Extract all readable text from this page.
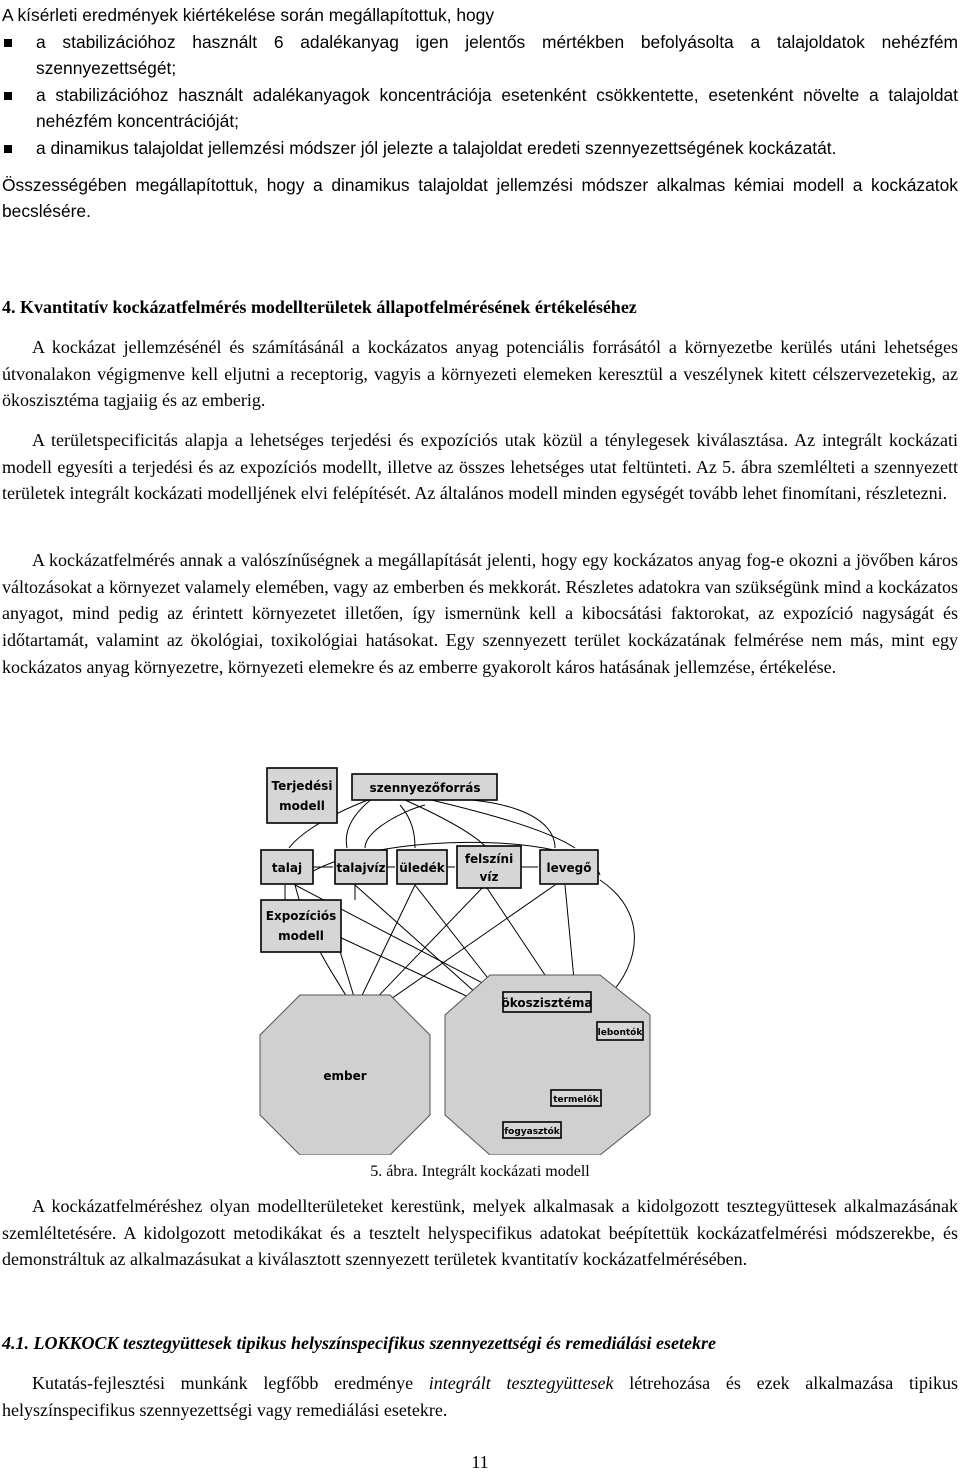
A kísérleti eredmények kiértékelése során megállapítottuk, hogy
a stabilizációhoz használt 6 adalékanyag igen jelentős mértékben befolyásolta a talajoldatok nehézfém szennyezettségét;
a stabilizációhoz használt adalékanyagok koncentrációja esetenként csökkentette, esetenként növelte a talajoldat nehézfém koncentrációját;
a dinamikus talajoldat jellemzési módszer jól jelezte a talajoldat eredeti szennyezettségének kockázatát.
Összességében megállapítottuk, hogy a dinamikus talajoldat jellemzési módszer alkalmas kémiai modell a kockázatok becslésére.
4. Kvantitatív kockázatfelmérés modellterületek állapotfelmérésének értékeléséhez

A kockázat jellemzésénél és számításánál a kockázatos anyag potenciális forrásától a környezetbe kerülés utáni lehetséges útvonalakon végigmenve kell eljutni a receptorig, vagyis a környezeti elemeken keresztül a veszélynek kitett célszervezetekig, az ökoszisztéma tagjaiig és az emberig.

A területspecificitás alapja a lehetséges terjedési és expozíciós utak közül a ténylegesek kiválasztása. Az integrált kockázati modell egyesíti a terjedési és az expozíciós modellt, illetve az összes lehetséges utat feltünteti. Az 5. ábra szemlélteti a szennyezett területek integrált kockázati modelljének elvi felépítését. Az általános modell minden egységét tovább lehet finomítani, részletezni.

A kockázatfelmérés annak a valószínűségnek a megállapítását jelenti, hogy egy kockázatos anyag fog-e okozni a jövőben káros változásokat a környezet valamely elemében, vagy az emberben és mekkorát. Részletes adatokra van szükségünk mind a kockázatos anyagot, mind pedig az érintett környezetet illetően, így ismernünk kell a kibocsátási faktorokat, az expozíció nagyságát és időtartamát, valamint az ökológiai, toxikológiai hatásokat. Egy szennyezett terület kockázatának felmérése nem más, mint egy kockázatos anyag környezetre, környezeti elemekre és az emberre gyakorolt káros hatásának jellemzése, értékelése.

Terjedési
modell
szennyezőforrás
talaj	talajvíz üledék
felszíni
víz
levegő
Expozíciós
modell
ember
ökoszisztéma
lebontók
termelők
fogyasztók
5. ábra. Integrált kockázati modell

A kockázatfelméréshez olyan modellterületeket kerestünk, melyek alkalmasak a kidolgozott tesztegyüttesek alkalmazásának szemléltetésére. A kidolgozott metodikákat és a tesztelt helyspecifikus adatokat beépítettük kockázatfelmérési módszerekbe, és demonstráltuk az alkalmazásukat a kiválasztott szennyezett területek kvantitatív kockázatfelmérésében.

4.1. LOKKOCK tesztegyüttesek tipikus helyszínspecifikus szennyezettségi és remediálási esetekre

Kutatás-fejlesztési munkánk legfőbb eredménye integrált tesztegyüttesek létrehozása és ezek alkalmazása tipikus helyszínspecifikus szennyezettségi vagy remediálási esetekre.

11
